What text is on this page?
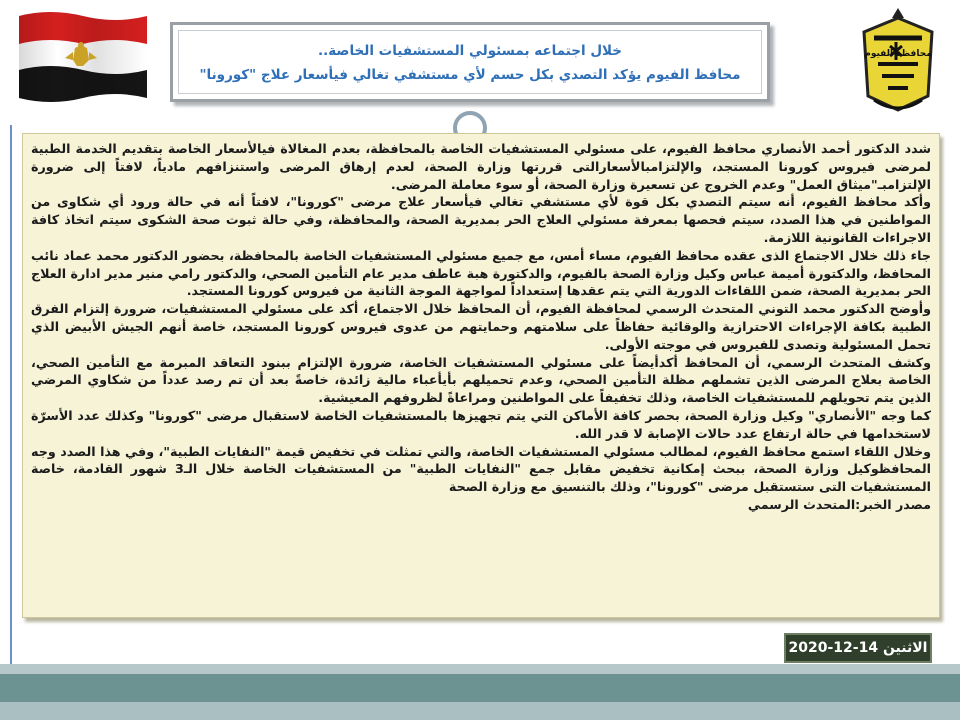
محافظة الفيوم
خلال اجتماعه بمسئولي المستشفيات الخاصة..
محافظ الفيوم يؤكد التصدي بكل حسم لأي مستشفي تغالي فيأسعار علاج "كورونا"

شدد الدكتور أحمد الأنصاري محافظ الفيوم، على مسئولي المستشفيات الخاصة بالمحافظة، بعدم المغالاة فيالأسعار الخاصة بتقديم الخدمة الطبية لمرضى فيروس كورونا المستجد، والإلتزامبالأسعارالتى قررتها وزارة الصحة، لعدم إرهاق المرضى واستنزافهم مادياً، لافتاً إلى ضرورة الإلتزامبـ"ميثاق العمل" وعدم الخروج عن تسعيرة وزارة الصحة، أو سوء معاملة المرضى.

وأكد محافظ الفيوم، أنه سيتم التصدي بكل قوة لأي مستشفي تغالي فيأسعار علاج مرضى "كورونا"، لافتاً أنه في حالة ورود أي شكاوى من المواطنين في هذا الصدد، سيتم فحصها بمعرفة مسئولي العلاج الحر بمديرية الصحة، والمحافظة، وفي حالة ثبوت صحة الشكوى سيتم اتخاذ كافة الاجراءات القانونية اللازمة.

جاء ذلك خلال الاجتماع الذى عقده محافظ الفيوم، مساء أمس، مع جميع مسئولي المستشفيات الخاصة بالمحافظة، بحضور الدكتور محمد عماد نائب المحافظ، والدكتورة أميمة عباس وكيل وزارة الصحة بالفيوم، والدكتورة هبة عاطف مدير عام التأمين الصحي، والدكتور رامي منير مدير ادارة العلاج الحر بمديرية الصحة، ضمن اللقاءات الدورية التي يتم عقدها إستعداداً لمواجهة الموجة الثانية من فيروس كورونا المستجد.

وأوضح الدكتور محمد التوني المتحدث الرسمي لمحافظة الفيوم، أن المحافظ خلال الاجتماع، أكد على مسئولي المستشفيات، ضرورة إلتزام الفرق الطبية بكافة الإجراءات الاحترازية والوقائية حفاظاً على سلامتهم وحمايتهم من عدوى فيروس كورونا المستجد، خاصة أنهم الجيش الأبيض الذي تحمل المسئولية وتصدى للفيروس في موجته الأولى.

وكشف المتحدث الرسمي، أن المحافظ أكدأيضاً على مسئولي المستشفيات الخاصة، ضرورة الإلتزام ببنود التعاقد المبرمة مع التأمين الصحي، الخاصة بعلاج المرضى الذين تشملهم مظلة التأمين الصحي، وعدم تحميلهم بأيأعباء مالية زائدة، خاصةً بعد أن تم رصد عدداً من شكاوي المرضي الذين يتم تحويلهم للمستشفيات الخاصة، وذلك تخفيفاً على المواطنين ومراعاةً لظروفهم المعيشية.

كما وجه "الأنصاري" وكيل وزارة الصحة، بحصر كافة الأماكن التي يتم تجهيزها بالمستشفيات الخاصة لاستقبال مرضى "كورونا" وكذلك عدد الأسرّة لاستخدامها في حالة ارتفاع عدد حالات الإصابة لا قدر الله.

وخلال اللقاء استمع محافظ الفيوم، لمطالب مسئولي المستشفيات الخاصة، والتي تمثلت في تخفيض قيمة "النفايات الطبية"، وفي هذا الصدد وجه المحافظوكيل وزارة الصحة، ببحث إمكانية تخفيض مقابل جمع "النفايات الطبية" من المستشفيات الخاصة خلال الـ3 شهور القادمة، خاصة المستشفيات التى ستستقبل مرضى "كورونا"، وذلك بالتنسيق مع وزارة الصحة

مصدر الخبر:المتحدث الرسمي

الاثنين 14-12-2020
